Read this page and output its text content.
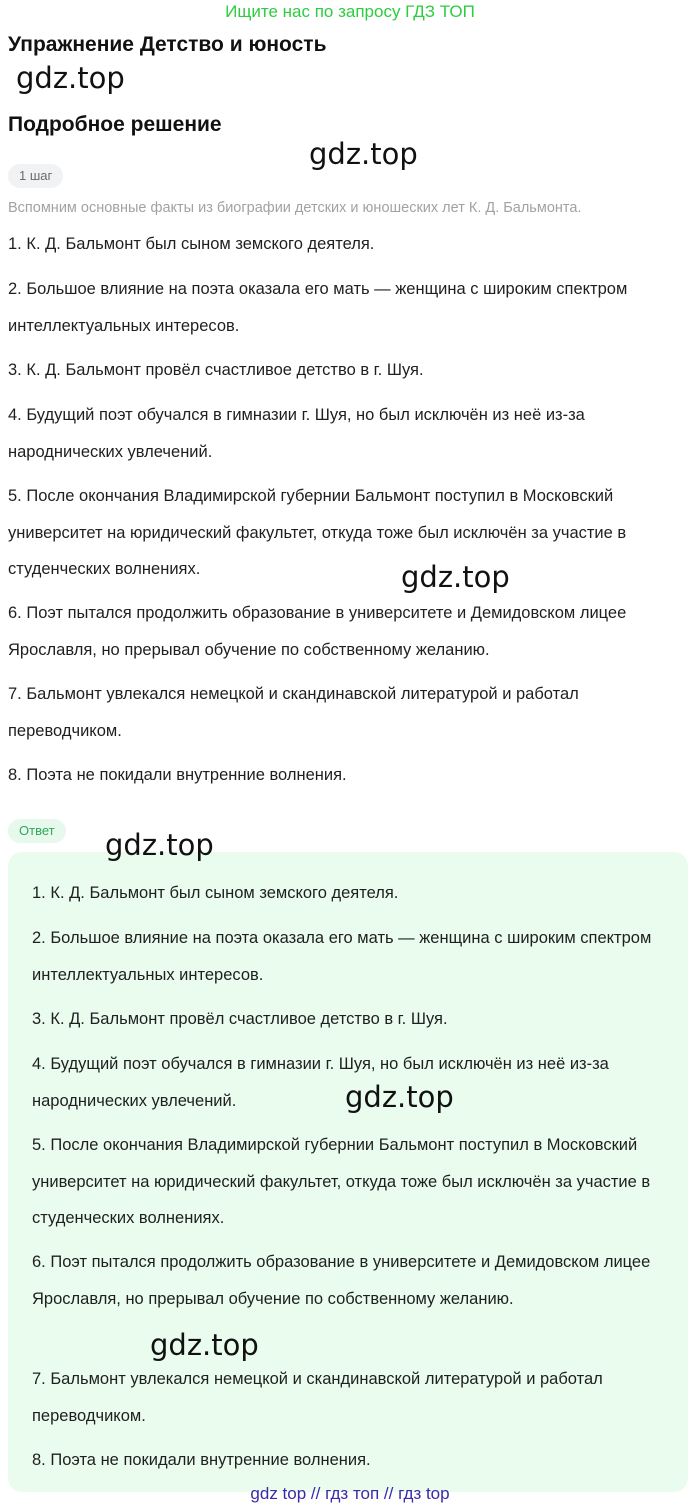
Ищите нас по запросу ГДЗ ТОП
Упражнение Детство и юность
gdz.top
Подробное решение
gdz.top
1 шаг
Вспомним основные факты из биографии детских и юношеских лет К. Д. Бальмонта.
1. К. Д. Бальмонт был сыном земского деятеля.
2. Большое влияние на поэта оказала его мать — женщина с широким спектром интеллектуальных интересов.
3. К. Д. Бальмонт провёл счастливое детство в г. Шуя.
4. Будущий поэт обучался в гимназии г. Шуя, но был исключён из неё из-за народнических увлечений.
5. После окончания Владимирской губернии Бальмонт поступил в Московский университет на юридический факультет, откуда тоже был исключён за участие в студенческих волнениях.	gdz.top
6. Поэт пытался продолжить образование в университете и Демидовском лицее Ярославля, но прерывал обучение по собственному желанию.
7. Бальмонт увлекался немецкой и скандинавской литературой и работал переводчиком.
8. Поэта не покидали внутренние волнения.
Ответ	gdz.top
1. К. Д. Бальмонт был сыном земского деятеля.
2. Большое влияние на поэта оказала его мать — женщина с широким спектром интеллектуальных интересов.
3. К. Д. Бальмонт провёл счастливое детство в г. Шуя.
4. Будущий поэт обучался в гимназии г. Шуя, но был исключён из неё из-за народнических увлечений.	gdz.top
5. После окончания Владимирской губернии Бальмонт поступил в Московский университет на юридический факультет, откуда тоже был исключён за участие в студенческих волнениях.
6. Поэт пытался продолжить образование в университете и Демидовском лицее Ярославля, но прерывал обучение по собственному желанию.
gdz.top
7. Бальмонт увлекался немецкой и скандинавской литературой и работал переводчиком.
8. Поэта не покидали внутренние волнения.
gdz top // гдз топ // гдз top
